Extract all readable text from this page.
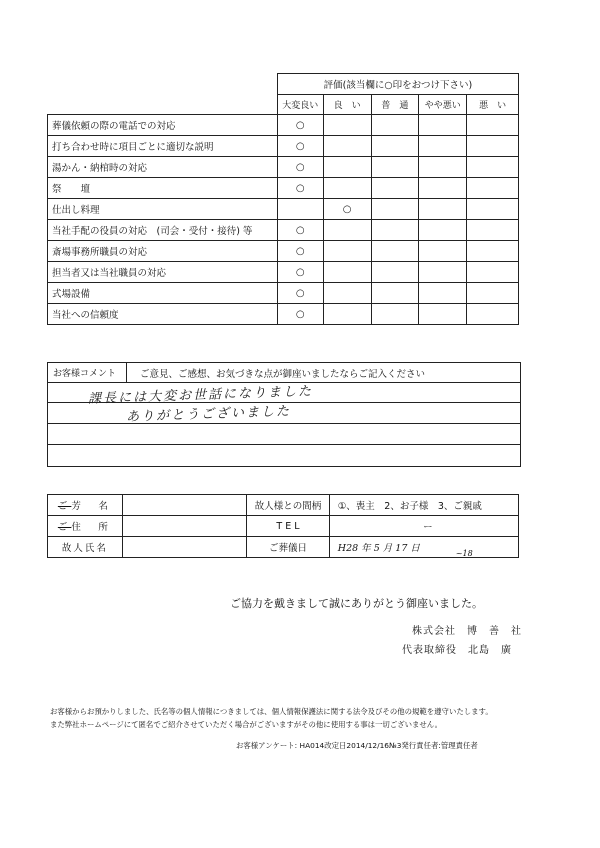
	評価(該当欄に○印をおつけ下さい)				
	大変良い	良　い	普　通	やや悪い	悪　い
葬儀依頼の際の電話での対応	○				
打ち合わせ時に項目ごとに適切な説明	○				
湯かん・納棺時の対応	○				
祭　　壇	○				
仕出し料理		○			
当社手配の役員の対応　(司会・受付・接待) 等	○				
斎場事務所職員の対応	○				
担当者又は当社職員の対応	○				
式場設備	○				
当社への信頼度	○				
お客様コメント	ご意見、ご感想、お気づきな点が御座いましたならご記入ください
課長には大変お世話になりました
ありがとうございました
ご芳　名		故人様との間柄	①、喪主　2、お子様　3、ご親戚
ご住　所		T E L	ー
故人氏名		ご葬儀日	H28 年 5 月 17 日 ~18
ご協力を戴きまして誠にありがとう御座いました。
株式会社　博　善　社
代表取締役　北島　廣
お客様からお預かりしました、氏名等の個人情報につきましては、個人情報保護法に関する法令及びその他の規範を遵守いたします。
また弊社ホームページにて匿名でご紹介させていただく場合がございますがその他に使用する事は一切ございません。
お客様アンケート: HA014改定日2014/12/16№3発行責任者:管理責任者
